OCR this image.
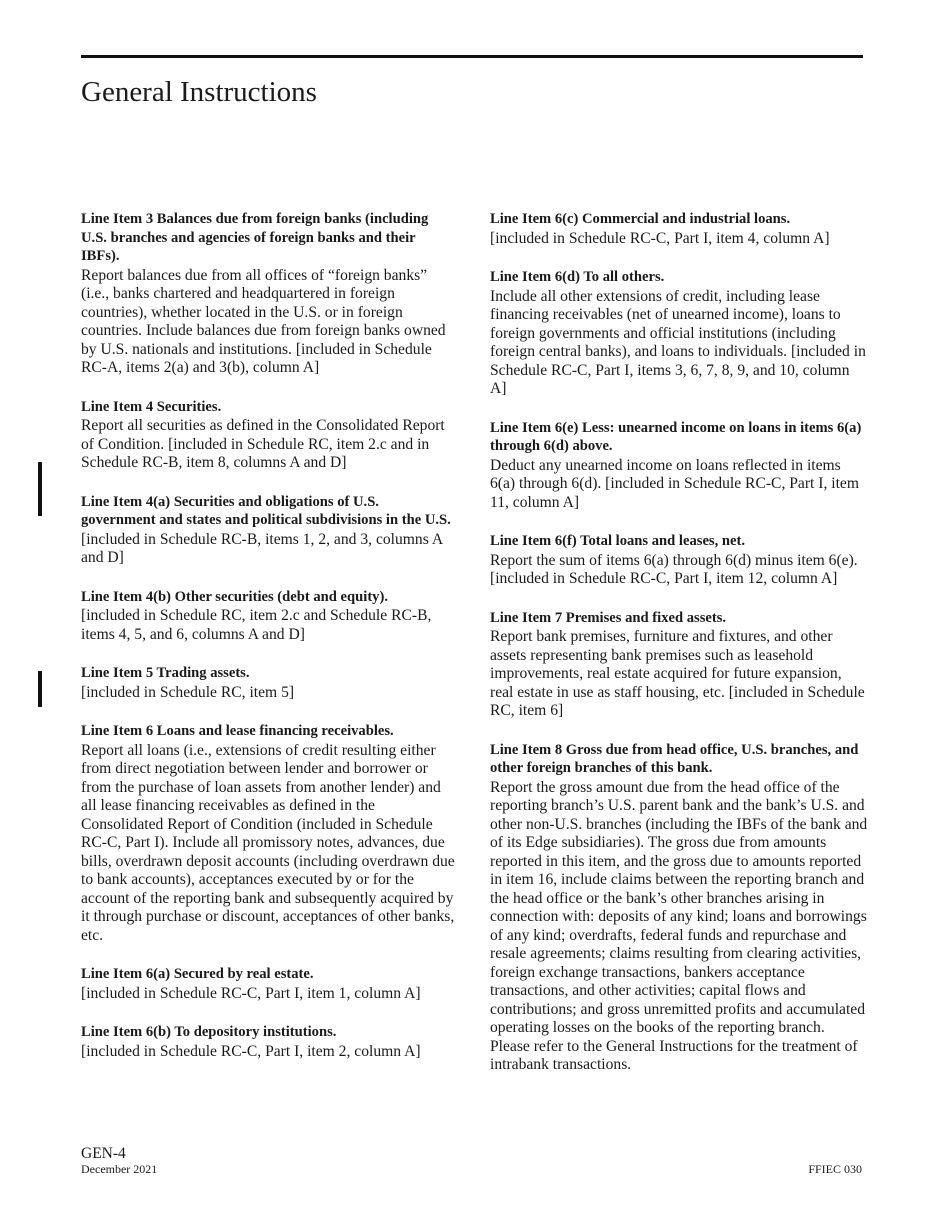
General Instructions
Line Item 3 Balances due from foreign banks (including U.S. branches and agencies of foreign banks and their IBFs).
Report balances due from all offices of “foreign banks” (i.e., banks chartered and headquartered in foreign countries), whether located in the U.S. or in foreign countries. Include balances due from foreign banks owned by U.S. nationals and institutions. [included in Schedule RC-A, items 2(a) and 3(b), column A]
Line Item 4 Securities.
Report all securities as defined in the Consolidated Report of Condition. [included in Schedule RC, item 2.c and in Schedule RC-B, item 8, columns A and D]
Line Item 4(a) Securities and obligations of U.S. government and states and political subdivisions in the U.S.
[included in Schedule RC-B, items 1, 2, and 3, columns A and D]
Line Item 4(b) Other securities (debt and equity).
[included in Schedule RC, item 2.c and Schedule RC-B, items 4, 5, and 6, columns A and D]
Line Item 5 Trading assets.
[included in Schedule RC, item 5]
Line Item 6 Loans and lease financing receivables.
Report all loans (i.e., extensions of credit resulting either from direct negotiation between lender and borrower or from the purchase of loan assets from another lender) and all lease financing receivables as defined in the Consolidated Report of Condition (included in Schedule RC-C, Part I). Include all promissory notes, advances, due bills, overdrawn deposit accounts (including overdrawn due to bank accounts), acceptances executed by or for the account of the reporting bank and subsequently acquired by it through purchase or discount, acceptances of other banks, etc.
Line Item 6(a) Secured by real estate.
[included in Schedule RC-C, Part I, item 1, column A]
Line Item 6(b) To depository institutions.
[included in Schedule RC-C, Part I, item 2, column A]
Line Item 6(c) Commercial and industrial loans.
[included in Schedule RC-C, Part I, item 4, column A]
Line Item 6(d) To all others.
Include all other extensions of credit, including lease financing receivables (net of unearned income), loans to foreign governments and official institutions (including foreign central banks), and loans to individuals. [included in Schedule RC-C, Part I, items 3, 6, 7, 8, 9, and 10, column A]
Line Item 6(e) Less: unearned income on loans in items 6(a) through 6(d) above.
Deduct any unearned income on loans reflected in items 6(a) through 6(d). [included in Schedule RC-C, Part I, item 11, column A]
Line Item 6(f) Total loans and leases, net.
Report the sum of items 6(a) through 6(d) minus item 6(e). [included in Schedule RC-C, Part I, item 12, column A]
Line Item 7 Premises and fixed assets.
Report bank premises, furniture and fixtures, and other assets representing bank premises such as leasehold improvements, real estate acquired for future expansion, real estate in use as staff housing, etc. [included in Schedule RC, item 6]
Line Item 8 Gross due from head office, U.S. branches, and other foreign branches of this bank.
Report the gross amount due from the head office of the reporting branch’s U.S. parent bank and the bank’s U.S. and other non-U.S. branches (including the IBFs of the bank and of its Edge subsidiaries). The gross due from amounts reported in this item, and the gross due to amounts reported in item 16, include claims between the reporting branch and the head office or the bank’s other branches arising in connection with: deposits of any kind; loans and borrowings of any kind; overdrafts, federal funds and repurchase and resale agreements; claims resulting from clearing activities, foreign exchange transactions, bankers acceptance transactions, and other activities; capital flows and contributions; and gross unremitted profits and accumulated operating losses on the books of the reporting branch. Please refer to the General Instructions for the treatment of intrabank transactions.
GEN-4
December 2021	FFIEC 030
